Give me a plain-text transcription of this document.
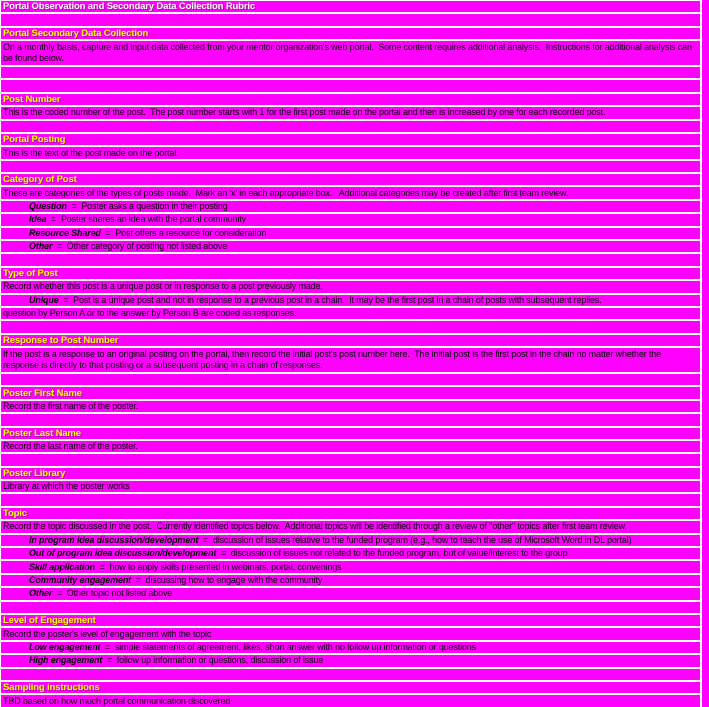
Portal Observation and Secondary Data Collection Rubric
Portal Secondary Data Collection
On a monthly basis, capture and input data collected from your mentor organization's web portal.  Some content requires additional analysis.  Instructions for additional analysis can be found below.
Post Number
This is the coded number of the post.  The post number starts with 1 for the first post made on the portal and then is increased by one for each recorded post.
Portal Posting
This is the text of the post made on the portal.
Category of Post
These are categories of the types of posts made.  Mark an 'x' in each appropriate box.   Additional categories may be created after first team review.
Question  =  Poster asks a question in their posting
Idea  =  Poster shares an idea with the portal community
Resource Shared  =  Post offers a resource for consideration
Other  =  Other category of posting not listed above
Type of Post
Record whether this post is a unique post or in response to a post previously made.
Unique  =  Post is a unique post and not in response to a previous post in a chain.  It may be the first post in a chain of posts with subsequent replies.
question by Person A or to the answer by Person B are coded as responses.
Response to Post Number
If the post is a response to an original posting on the portal, then record the initial post's post number here.  The initial post is the first post in the chain no matter whether the response is directly to that posting or a subsequent posting in a chain of responses.
Poster First Name
Record the first name of the poster.
Poster Last Name
Record the last name of the poster.
Poster Library
Library at which the poster works
Topic
Record the topic discussed in the post.  Currently identified topics below.  Additional topics will be identified through a review of "other" topics after first team review.
In program idea discussion/development  =  discussion of issues relative to the funded program (e.g., how to teach the use of Microsoft Word in DL portal)
Out of program idea discussion/development  =  discussion of issues not related to the funded program, but of value/interest to the group
Skill application  =  how to apply skills presented in webinars, portal, convenings
Community engagement  =  discussing how to engage with the community
Other  =  Other topic not listed above
Level of Engagement
Record the poster's level of engagement with the topic
Low engagement  =  simple statements of agreement, likes, short answer with no follow up information or questions
High engagement  =  follow up information or questions, discussion of issue
Sampling instructions
TBD based on how much portal communication discovered
